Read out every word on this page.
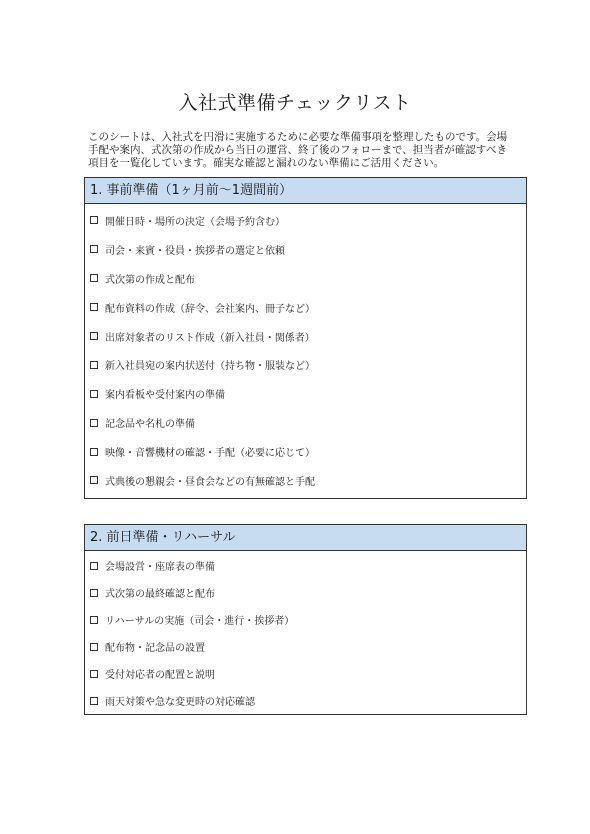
入社式準備チェックリスト

このシートは、入社式を円滑に実施するために必要な準備事項を整理したものです。会場
手配や案内、式次第の作成から当日の運営、終了後のフォローまで、担当者が確認すべき
項目を一覧化しています。確実な確認と漏れのない準備にご活用ください。

1. 事前準備（1ヶ月前〜1週間前）
開催日時・場所の決定（会場予約含む）
司会・来賓・役員・挨拶者の選定と依頼
式次第の作成と配布
配布資料の作成（辞令、会社案内、冊子など）
出席対象者のリスト作成（新入社員・関係者）
新入社員宛の案内状送付（持ち物・服装など）
案内看板や受付案内の準備
記念品や名札の準備
映像・音響機材の確認・手配（必要に応じて）
式典後の懇親会・昼食会などの有無確認と手配
2. 前日準備・リハーサル
会場設営・座席表の準備
式次第の最終確認と配布
リハーサルの実施（司会・進行・挨拶者）
配布物・記念品の設置
受付対応者の配置と説明
雨天対策や急な変更時の対応確認
